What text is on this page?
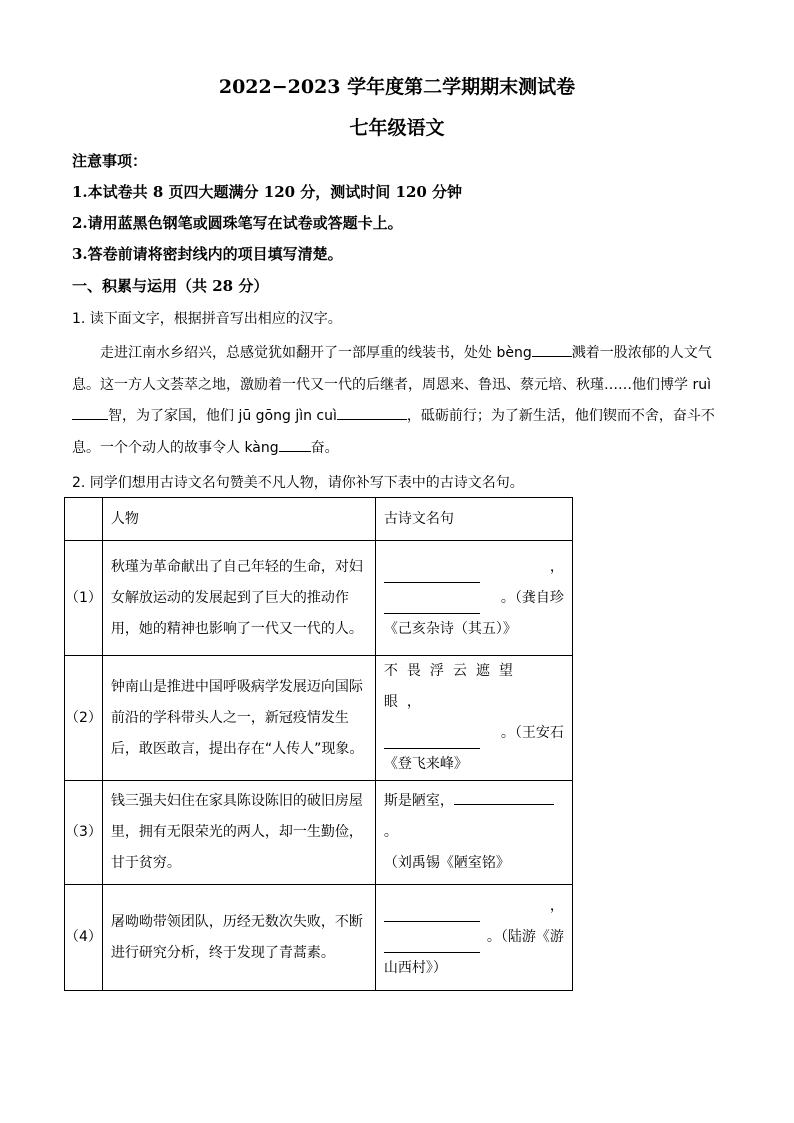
2022−2023 学年度第二学期期末测试卷
七年级语文
注意事项：
1.本试卷共 8 页四大题满分 120 分，测试时间 120 分钟
2.请用蓝黑色钢笔或圆珠笔写在试卷或答题卡上。
3.答卷前请将密封线内的项目填写清楚。
一、积累与运用（共 28 分）
1. 读下面文字，根据拼音写出相应的汉字。
走进江南水乡绍兴，总感觉犹如翻开了一部厚重的线装书，处处 bèng	溅着一股浓郁的人文气息。这一方人文荟萃之地，激励着一代又一代的后继者，周恩来、鲁迅、蔡元培、秋瑾……他们博学 ruì智，为了家国，他们 jū gōng jìn cuì	，砥砺前行；为了新生活，他们锲而不舍，奋斗不息。一个个动人的故事令人 kàng 奋。
2. 同学们想用古诗文名句赞美不凡人物，请你补写下表中的古诗文名句。
	人物	古诗文名句
（1）	秋瑾为革命献出了自己年轻的生命，对妇女解放运动的发展起到了巨大的推动作用，她的精神也影响了一代又一代的人。	，
。（龚自珍
《己亥杂诗（其五）》

（2）	钟南山是推进中国呼吸病学发展迈向国际前沿的学科带头人之一，新冠疫情发生后，敢医敢言，提出存在“人传人”现象。	不畏浮云遮望眼，
。（王安石
《登飞来峰》

（3）	钱三强夫妇住在家具陈设陈旧的破旧房屋里，拥有无限荣光的两人，却一生勤俭，甘于贫穷。	斯是陋室，。
（刘禹锡《陋室铭》

（4）	屠呦呦带领团队，历经无数次失败，不断进行研究分析，终于发现了青蒿素。	，
。（陆游《游
山西村》）
